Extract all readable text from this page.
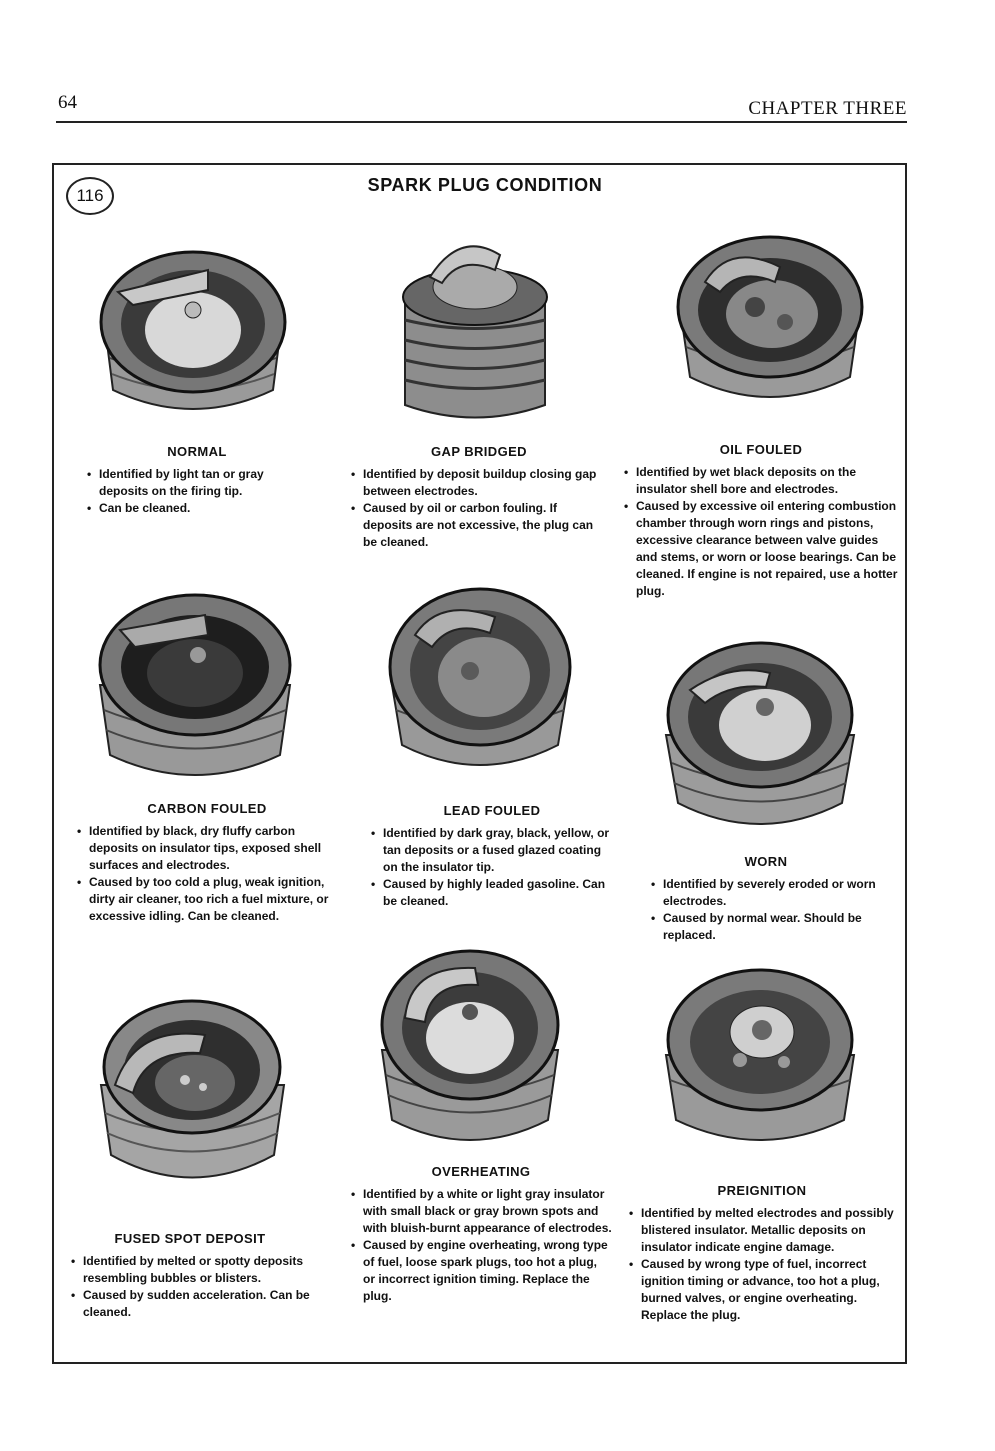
64	CHAPTER THREE
116
SPARK PLUG CONDITION
NORMAL
• Identified by light tan or gray deposits on the firing tip.
• Can be cleaned.
GAP BRIDGED
• Identified by deposit buildup closing gap between electrodes.
• Caused by oil or carbon fouling. If deposits are not excessive, the plug can be cleaned.
OIL FOULED
• Identified by wet black deposits on the insulator shell bore and electrodes.
• Caused by excessive oil entering combustion chamber through worn rings and pistons, excessive clearance between valve guides and stems, or worn or loose bearings. Can be cleaned. If engine is not repaired, use a hotter plug.
CARBON FOULED
• Identified by black, dry fluffy carbon deposits on insulator tips, exposed shell surfaces and electrodes.
• Caused by too cold a plug, weak ignition, dirty air cleaner, too rich a fuel mixture, or excessive idling. Can be cleaned.
LEAD FOULED
• Identified by dark gray, black, yellow, or tan deposits or a fused glazed coating on the insulator tip.
• Caused by highly leaded gasoline. Can be cleaned.
WORN
• Identified by severely eroded or worn electrodes.
• Caused by normal wear. Should be replaced.
FUSED SPOT DEPOSIT
• Identified by melted or spotty deposits resembling bubbles or blisters.
• Caused by sudden acceleration. Can be cleaned.
OVERHEATING
• Identified by a white or light gray insulator with small black or gray brown spots and with bluish-burnt appearance of electrodes.
• Caused by engine overheating, wrong type of fuel, loose spark plugs, too hot a plug, or incorrect ignition timing. Replace the plug.
PREIGNITION
• Identified by melted electrodes and possibly blistered insulator. Metallic deposits on insulator indicate engine damage.
• Caused by wrong type of fuel, incorrect ignition timing or advance, too hot a plug, burned valves, or engine overheating. Replace the plug.
